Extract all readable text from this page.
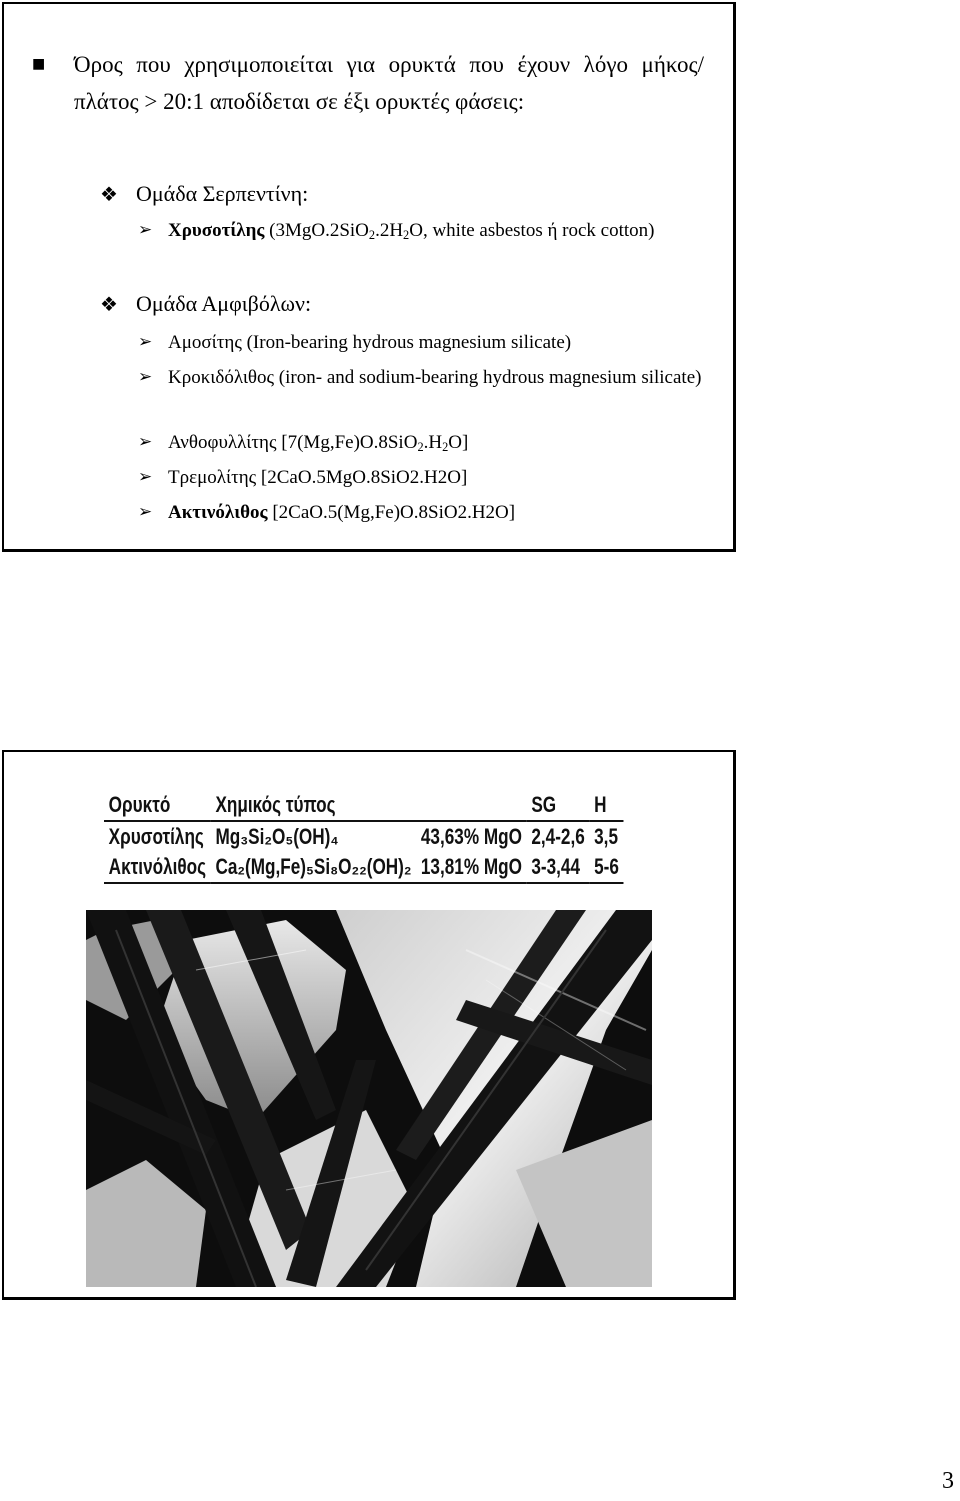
■ Όρος που χρησιμοποιείται για ορυκτά που έχουν λόγο μήκος/πλάτος > 20:1 αποδίδεται σε έξι ορυκτές φάσεις:
❖ Ομάδα Σερπεντίνη:
➢ Χρυσοτίλης ($3MgO.2SiO_2.2H_2O$, white asbestos ή rock cotton)
❖ Ομάδα Αμφιβόλων:
➢ Αμοσίτης (Iron-bearing hydrous magnesium silicate)
➢ Κροκιδόλιθος (iron- and sodium-bearing hydrous magnesium silicate)
➢ Ανθοφυλλίτης $[7(Mg,Fe)O.8SiO_2.H_2O]$
➢ Τρεμολίτης [2CaO.5MgO.8SiO2.H2O]
➢ Ακτινόλιθος [2CaO.5(Mg,Fe)O.8SiO2.H2O]
Ορυκτό	Χημικός τύπος		SG	H
Χρυσοτίλης	Mg₃Si₂O₅(OH)₄	43,63% MgO	2,4-2,6	3,5
Ακτινόλιθος	Ca₂(Mg,Fe)₅Si₈O₂₂(OH)₂	13,81% MgO	3-3,44	5-6
3
